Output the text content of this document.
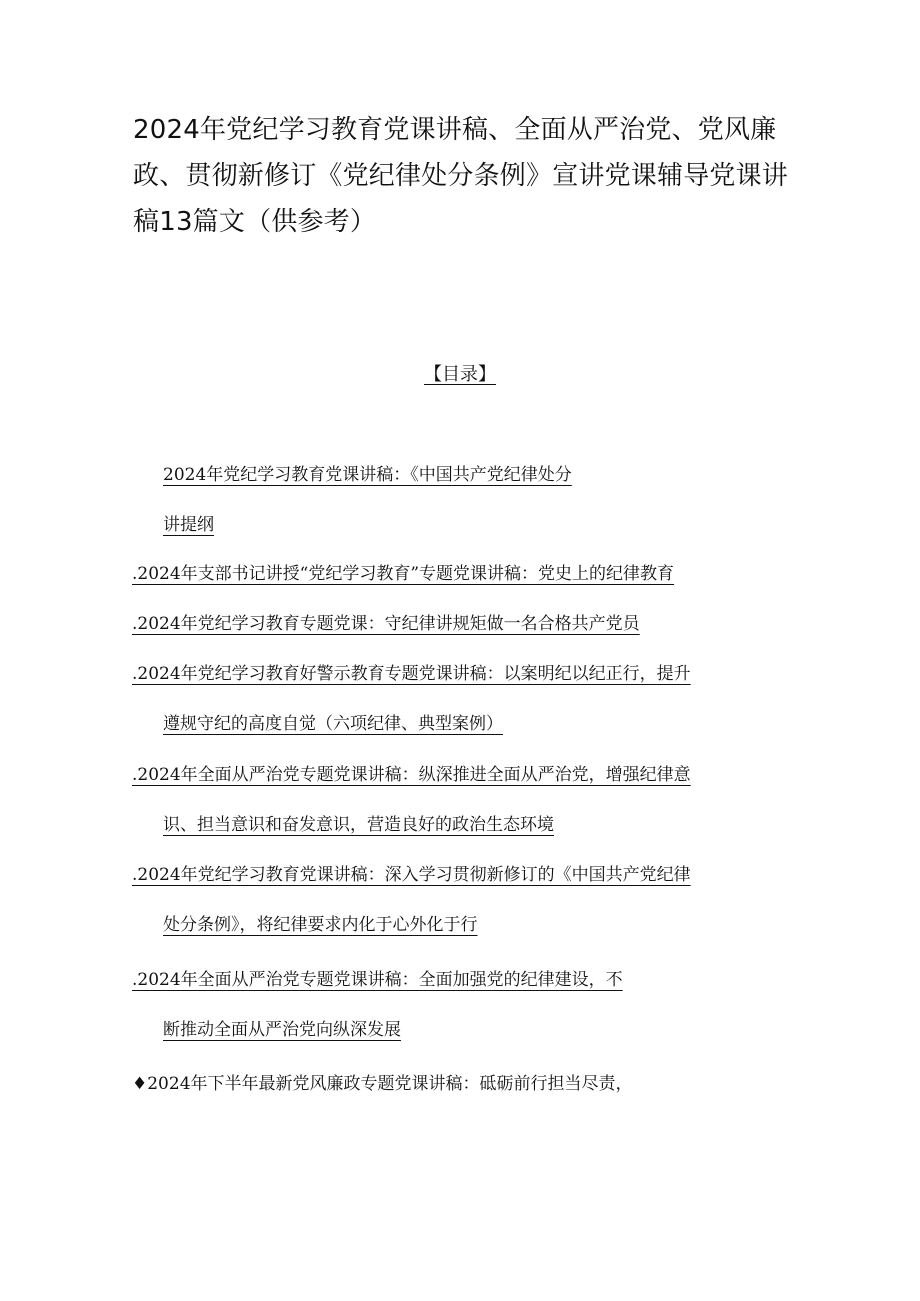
2024年党纪学习教育党课讲稿、全面从严治党、党风廉政、贯彻新修订《党纪律处分条例》宣讲党课辅导党课讲稿13篇文（供参考）
【目录】
2024年党纪学习教育党课讲稿：《中国共产党纪律处分
讲提纲
.2024年支部书记讲授“党纪学习教育”专题党课讲稿：党史上的纪律教育
.2024年党纪学习教育专题党课：守纪律讲规矩做一名合格共产党员
.2024年党纪学习教育好警示教育专题党课讲稿：以案明纪以纪正行，提升
遵规守纪的高度自觉（六项纪律、典型案例）
.2024年全面从严治党专题党课讲稿：纵深推进全面从严治党，增强纪律意
识、担当意识和奋发意识，营造良好的政治生态环境
.2024年党纪学习教育党课讲稿：深入学习贯彻新修订的《中国共产党纪律
处分条例》，将纪律要求内化于心外化于行
.2024年全面从严治党专题党课讲稿：全面加强党的纪律建设，不
断推动全面从严治党向纵深发展
♦2024年下半年最新党风廉政专题党课讲稿：砥砺前行担当尽责，
